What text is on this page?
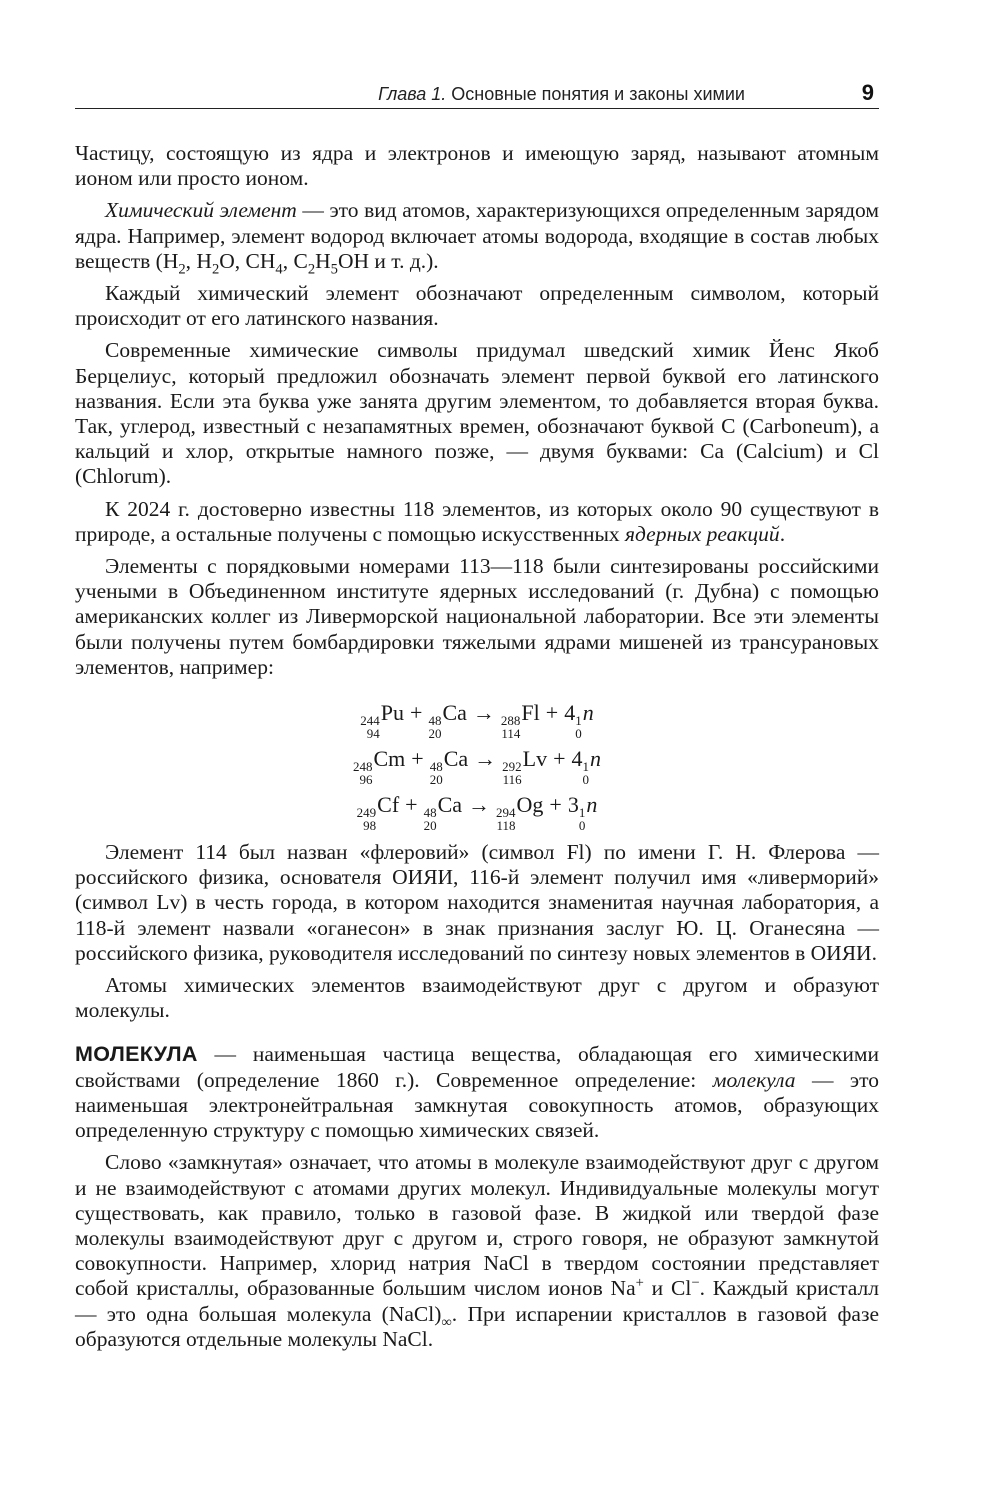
Глава 1. Основные понятия и законы химии	9

Частицу, состоящую из ядра и электронов и имеющую заряд, называют атомным ионом или просто ионом.

Химический элемент — это вид атомов, характеризующихся определенным зарядом ядра. Например, элемент водород включает атомы водорода, входящие в состав любых веществ ($H_2$, $H_2O$, $CH_4$, $C_2H_5OH$ и т. д.).

Каждый химический элемент обозначают определенным символом, который происходит от его латинского названия.

Современные химические символы придумал шведский химик Йенс Якоб Берцелиус, который предложил обозначать элемент первой буквой его латинского названия. Если эта буква уже занята другим элементом, то добавляется вторая буква. Так, углерод, известный с незапамятных времен, обозначают буквой C (Carboneum), а кальций и хлор, открытые намного позже, — двумя буквами: Ca (Calcium) и Cl (Chlorum).

К 2024 г. достоверно известны 118 элементов, из которых около 90 существуют в природе, а остальные получены с помощью искусственных ядерных реакций.

Элементы с порядковыми номерами 113—118 были синтезированы российскими учеными в Объединенном институте ядерных исследований (г. Дубна) с помощью американских коллег из Ливерморской национальной лаборатории. Все эти элементы были получены путем бомбардировки тяжелыми ядрами мишеней из трансурановых элементов, например:

244
94
Pu + 48
20
Ca → 288
114
Fl + 4 1
0
n
248
96
Cm + 48
20
Ca → 292
116
Lv + 4 1
0
n
249
98
Cf + 48
20
Ca → 294
118
Og + 3 1
0
n

Элемент 114 был назван «флеровий» (символ Fl) по имени Г. Н. Флерова — российского физика, основателя ОИЯИ, 116-й элемент получил имя «ливерморий» (символ Lv) в честь города, в котором находится знаменитая научная лаборатория, а 118-й элемент назвали «оганесон» в знак признания заслуг Ю. Ц. Оганесяна — российского физика, руководителя исследований по синтезу новых элементов в ОИЯИ.

Атомы химических элементов взаимодействуют друг с другом и образуют молекулы.

МОЛЕКУЛА — наименьшая частица вещества, обладающая его химическими свойствами (определение 1860 г.). Современное определение: молекула — это наименьшая электронейтральная замкнутая совокупность атомов, образующих определенную структуру с помощью химических связей.

Слово «замкнутая» означает, что атомы в молекуле взаимодействуют друг с другом и не взаимодействуют с атомами других молекул. Индивидуальные молекулы могут существовать, как правило, только в газовой фазе. В жидкой или твердой фазе молекулы взаимодействуют друг с другом и, строго говоря, не образуют замкнутой совокупности. Например, хлорид натрия NaCl в твердом состоянии представляет собой кристаллы, образованные большим числом ионов Na+ и Cl−. Каждый кристалл — это одна большая молекула $(NaCl)_\infty$. При испарении кристаллов в газовой фазе образуются отдельные молекулы NaCl.
